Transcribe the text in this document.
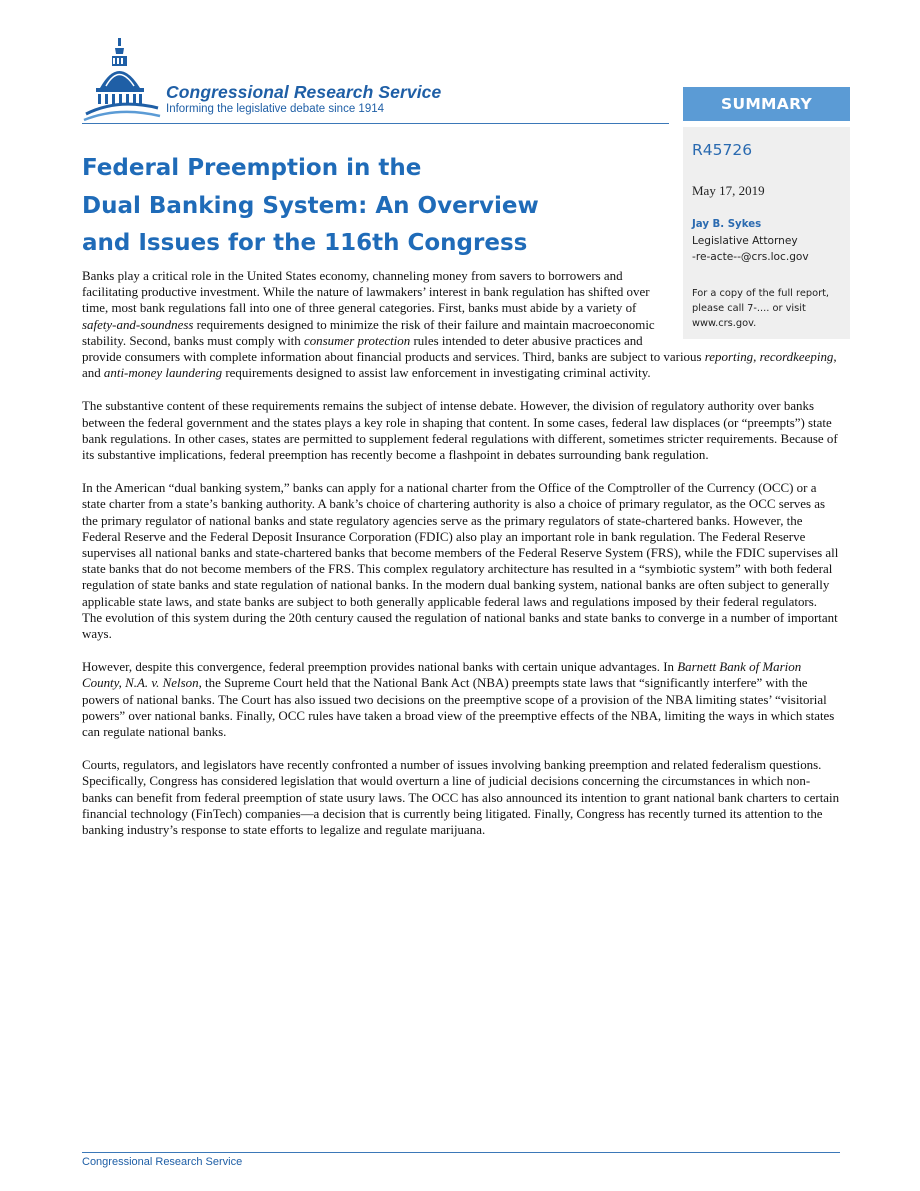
Congressional Research Service
Informing the legislative debate since 1914	SUMMARY
R45726
May 17, 2019
Jay B. Sykes
Legislative Attorney
-re-acte--@crs.loc.gov
For a copy of the full report, please call 7-.... or visit www.crs.gov.
Federal Preemption in the
Dual Banking System: An Overview
and Issues for the 116th Congress

Banks play a critical role in the United States economy, channeling money from savers to borrowers and facilitating productive investment. While the nature of lawmakers’ interest in bank regulation has shifted over time, most bank regulations fall into one of three general categories. First, banks must abide by a variety of safety-and-soundness requirements designed to minimize the risk of their failure and maintain macroeconomic stability. Second, banks must comply with consumer protection rules intended to deter abusive practices and provide consumers with complete information about financial products and services. Third, banks are subject to various reporting, recordkeeping, and anti-money laundering requirements designed to assist law enforcement in investigating criminal activity.

The substantive content of these requirements remains the subject of intense debate. However, the division of regulatory authority over banks between the federal government and the states plays a key role in shaping that content. In some cases, federal law displaces (or “preempts”) state bank regulations. In other cases, states are permitted to supplement federal regulations with different, sometimes stricter requirements. Because of its substantive implications, federal preemption has recently become a flashpoint in debates surrounding bank regulation.

In the American “dual banking system,” banks can apply for a national charter from the Office of the Comptroller of the Currency (OCC) or a state charter from a state’s banking authority. A bank’s choice of chartering authority is also a choice of primary regulator, as the OCC serves as the primary regulator of national banks and state regulatory agencies serve as the primary regulators of state-chartered banks. However, the Federal Reserve and the Federal Deposit Insurance Corporation (FDIC) also play an important role in bank regulation. The Federal Reserve supervises all national banks and state-chartered banks that become members of the Federal Reserve System (FRS), while the FDIC supervises all state banks that do not become members of the FRS. This complex regulatory architecture has resulted in a “symbiotic system” with both federal regulation of state banks and state regulation of national banks. In the modern dual banking system, national banks are often subject to generally applicable state laws, and state banks are subject to both generally applicable federal laws and regulations imposed by their federal regulators. The evolution of this system during the 20th century caused the regulation of national banks and state banks to converge in a number of important ways.

However, despite this convergence, federal preemption provides national banks with certain unique advantages. In Barnett Bank of Marion County, N.A. v. Nelson, the Supreme Court held that the National Bank Act (NBA) preempts state laws that “significantly interfere” with the powers of national banks. The Court has also issued two decisions on the preemptive scope of a provision of the NBA limiting states’ “visitorial powers” over national banks. Finally, OCC rules have taken a broad view of the preemptive effects of the NBA, limiting the ways in which states can regulate national banks.

Courts, regulators, and legislators have recently confronted a number of issues involving banking preemption and related federalism questions. Specifically, Congress has considered legislation that would overturn a line of judicial decisions concerning the circumstances in which non-banks can benefit from federal preemption of state usury laws. The OCC has also announced its intention to grant national bank charters to certain financial technology (FinTech) companies—a decision that is currently being litigated. Finally, Congress has recently turned its attention to the banking industry’s response to state efforts to legalize and regulate marijuana.

Congressional Research Service
